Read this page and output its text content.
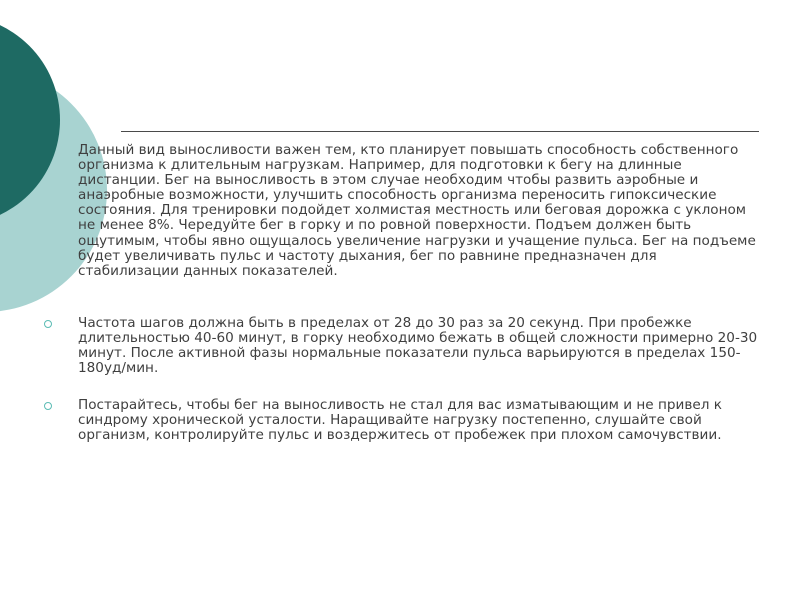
Данный вид выносливости важен тем, кто планирует повышать способность собственного организма к длительным нагрузкам. Например, для подготовки к бегу на длинные дистанции. Бег на выносливость в этом случае необходим чтобы развить аэробные и анаэробные возможности, улучшить способность организма переносить гипоксические состояния. Для тренировки подойдет холмистая местность или беговая дорожка с уклоном не менее 8%. Чередуйте бег в горку и по ровной поверхности. Подъем должен быть ощутимым, чтобы явно ощущалось увеличение нагрузки и учащение пульса. Бег на подъеме будет увеличивать пульс и частоту дыхания, бег по равнине предназначен для стабилизации данных показателей.

Частота шагов должна быть в пределах от 28 до 30 раз за 20 секунд. При пробежке длительностью 40-60 минут, в горку необходимо бежать в общей сложности примерно 20-30 минут. После активной фазы нормальные показатели пульса варьируются в пределах 150-180уд/мин.

Постарайтесь, чтобы бег на выносливость не стал для вас изматывающим и не привел к синдрому хронической усталости. Наращивайте нагрузку постепенно, слушайте свой организм, контролируйте пульс и воздержитесь от пробежек при плохом самочувствии.
